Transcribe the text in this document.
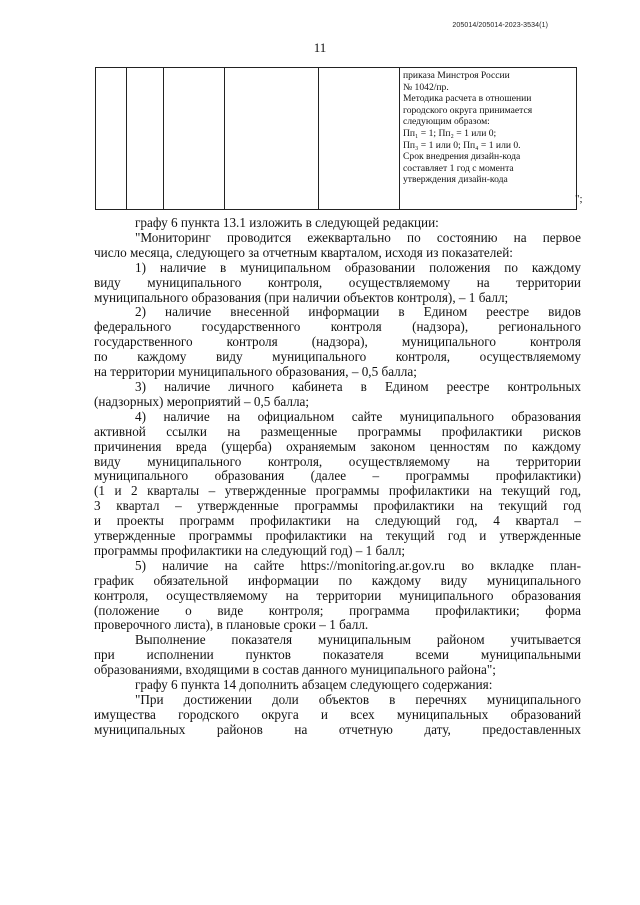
205014/205014-2023-3534(1)
11

приказа Минстроя России
№ 1042/пр.
Методика расчета в отношении
городского округа принимается
следующим образом:
Пп₁ = 1; Пп₂ = 1 или 0;
Пп₃ = 1 или 0; Пп₄ = 1 или 0.
Срок внедрения дизайн-кода
составляет 1 год с момента
утверждения дизайн-кода
";
графу 6 пункта 13.1 изложить в следующей редакции:
"Мониторинг проводится ежеквартально по состоянию на первое
число месяца, следующего за отчетным кварталом, исходя из показателей:
1) наличие в муниципальном образовании положения по каждому
виду муниципального контроля, осуществляемому на территории
муниципального образования (при наличии объектов контроля), – 1 балл;
2) наличие внесенной информации в Едином реестре видов
федерального государственного контроля (надзора), регионального
государственного контроля (надзора), муниципального контроля
по каждому виду муниципального контроля, осуществляемому
на территории муниципального образования, – 0,5 балла;
3) наличие личного кабинета в Едином реестре контрольных
(надзорных) мероприятий – 0,5 балла;
4) наличие на официальном сайте муниципального образования
активной ссылки на размещенные программы профилактики рисков
причинения вреда (ущерба) охраняемым законом ценностям по каждому
виду муниципального контроля, осуществляемому на территории
муниципального образования (далее – программы профилактики)
(1 и 2 кварталы – утвержденные программы профилактики на текущий год,
3 квартал – утвержденные программы профилактики на текущий год
и проекты программ профилактики на следующий год, 4 квартал –
утвержденные программы профилактики на текущий год и утвержденные
программы профилактики на следующий год) – 1 балл;
5) наличие на сайте https://monitoring.ar.gov.ru во вкладке план-
график обязательной информации по каждому виду муниципального
контроля, осуществляемому на территории муниципального образования
(положение о виде контроля; программа профилактики; форма
проверочного листа), в плановые сроки – 1 балл.
Выполнение показателя муниципальным районом учитывается
при исполнении пунктов показателя всеми муниципальными
образованиями, входящими в состав данного муниципального района";
графу 6 пункта 14 дополнить абзацем следующего содержания:
"При достижении доли объектов в перечнях муниципального
имущества городского округа и всех муниципальных образований
муниципальных районов на отчетную дату, предоставленных
